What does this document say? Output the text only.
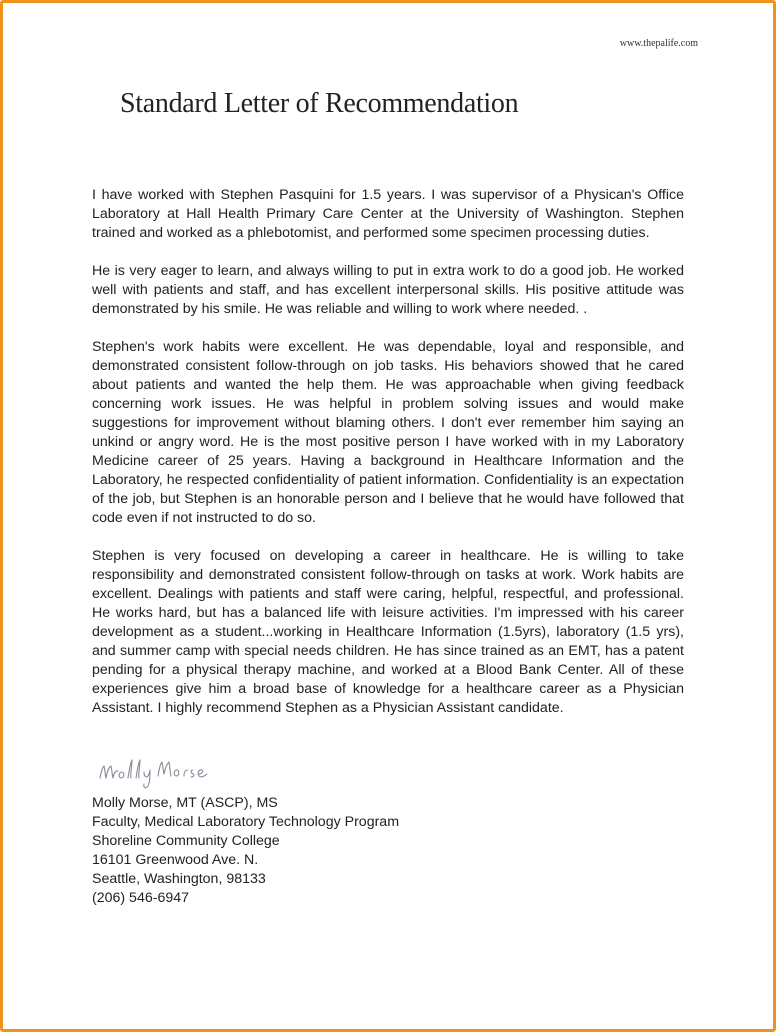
www.thepalife.com
Standard Letter of Recommendation

I have worked with Stephen Pasquini for 1.5 years. I was supervisor of a Physican's Office Laboratory at Hall Health Primary Care Center at the University of Washington. Stephen trained and worked as a phlebotomist, and performed some specimen processing duties.

He is very eager to learn, and always willing to put in extra work to do a good job. He worked well with patients and staff, and has excellent interpersonal skills. His positive attitude was demonstrated by his smile. He was reliable and willing to work where needed. .

Stephen's work habits were excellent. He was dependable, loyal and responsible, and demonstrated consistent follow-through on job tasks. His behaviors showed that he cared about patients and wanted the help them. He was approachable when giving feedback concerning work issues. He was helpful in problem solving issues and would make suggestions for improvement without blaming others. I don't ever remember him saying an unkind or angry word. He is the most positive person I have worked with in my Laboratory Medicine career of 25 years. Having a background in Healthcare Information and the Laboratory, he respected confidentiality of patient information. Confidentiality is an expectation of the job, but Stephen is an honorable person and I believe that he would have followed that code even if not instructed to do so.

Stephen is very focused on developing a career in healthcare. He is willing to take responsibility and demonstrated consistent follow-through on tasks at work. Work habits are excellent. Dealings with patients and staff were caring, helpful, respectful, and professional. He works hard, but has a balanced life with leisure activities. I'm impressed with his career development as a student...working in Healthcare Information (1.5yrs), laboratory (1.5 yrs), and summer camp with special needs children. He has since trained as an EMT, has a patent pending for a physical therapy machine, and worked at a Blood Bank Center. All of these experiences give him a broad base of knowledge for a healthcare career as a Physician Assistant. I highly recommend Stephen as a Physician Assistant candidate.

Molly Morse, MT (ASCP), MS
Faculty, Medical Laboratory Technology Program
Shoreline Community College
16101 Greenwood Ave. N.
Seattle, Washington, 98133
(206) 546-6947
